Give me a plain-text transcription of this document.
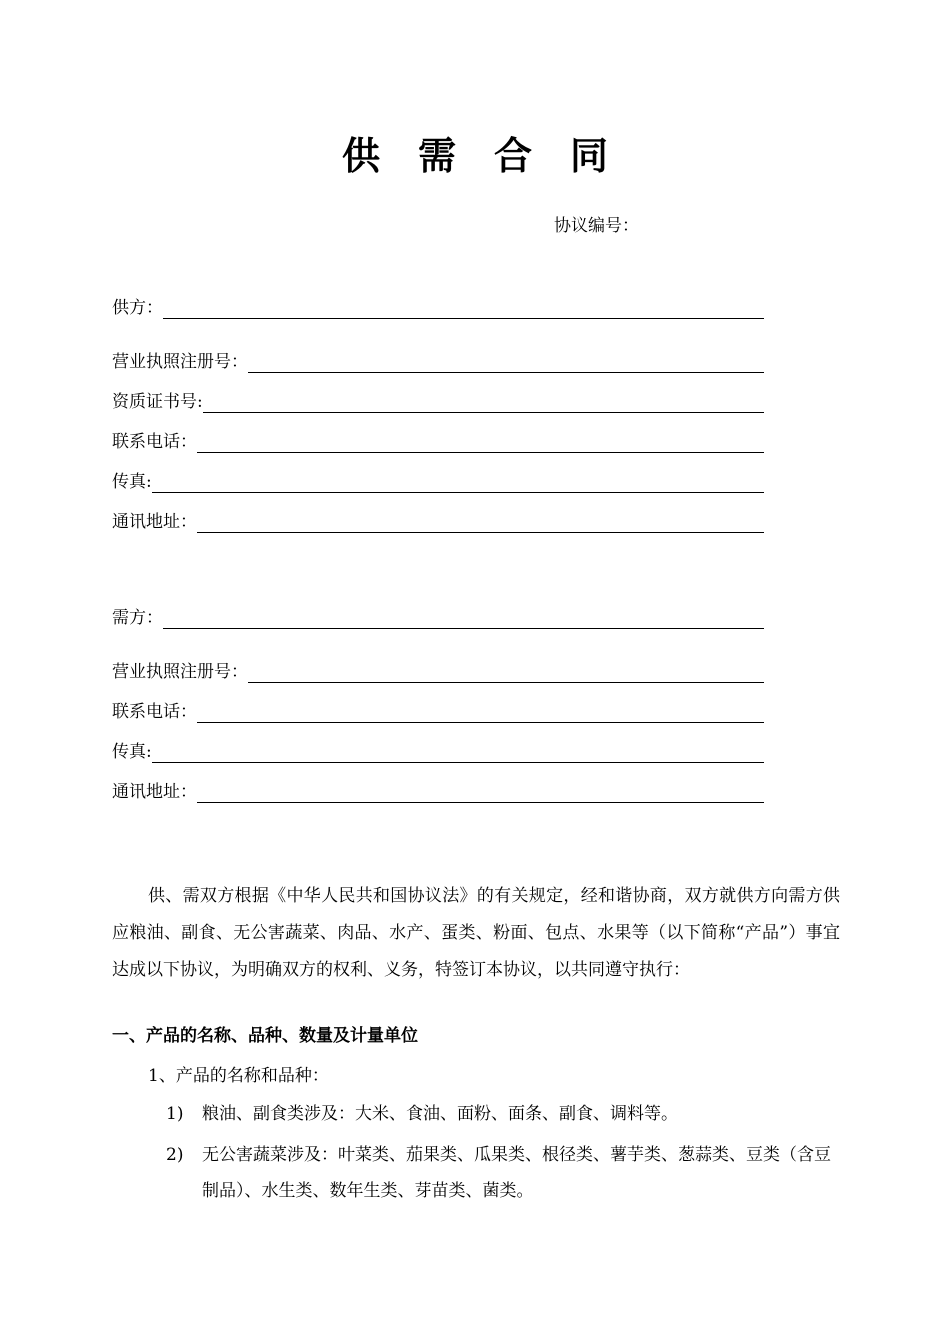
供需合同
协议编号：
供方：
营业执照注册号：
资质证书号:
联系电话：
传真:
通讯地址：
需方：
营业执照注册号：
联系电话：
传真:
通讯地址：

供、需双方根据《中华人民共和国协议法》的有关规定，经和谐协商，双方就供方向需方供应粮油、副食、无公害蔬菜、肉品、水产、蛋类、粉面、包点、水果等（以下简称“产品”）事宜达成以下协议，为明确双方的权利、义务，特签订本协议，以共同遵守执行：

一、产品的名称、品种、数量及计量单位

1、产品的名称和品种：

1)	粮油、副食类涉及：大米、食油、面粉、面条、副食、调料等。
2)	无公害蔬菜涉及：叶菜类、茄果类、瓜果类、根径类、薯芋类、葱蒜类、豆类（含豆制品）、水生类、数年生类、芽苗类、菌类。
